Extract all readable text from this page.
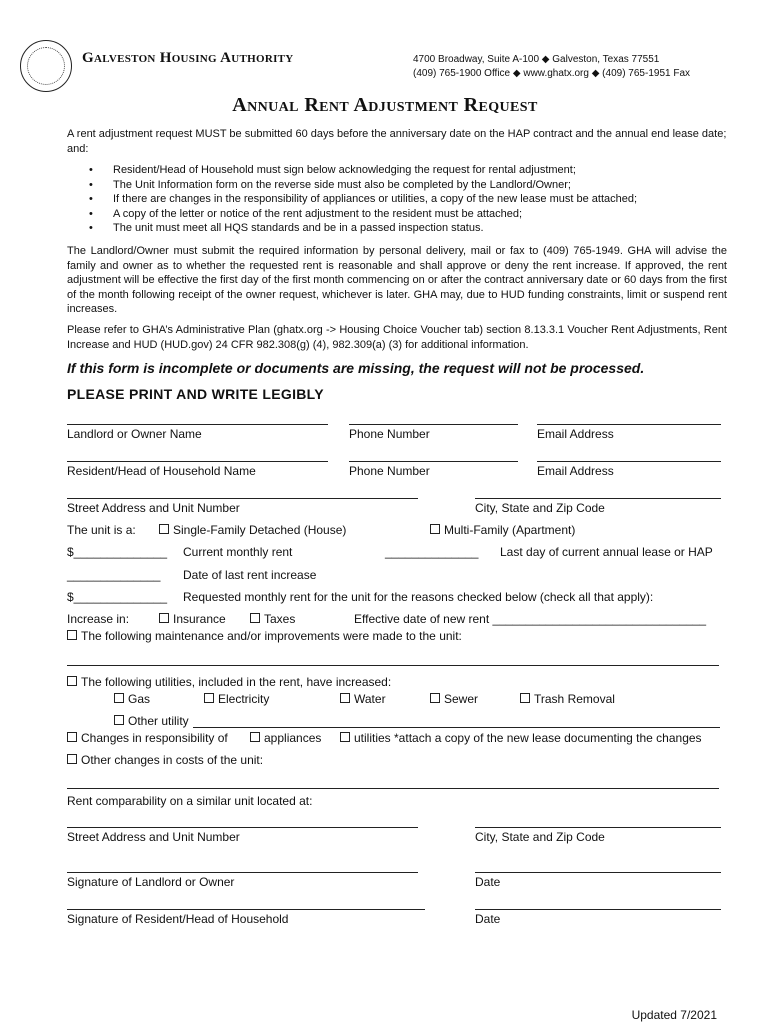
Galveston Housing Authority	4700 Broadway, Suite A-100 ◆ Galveston, Texas 77551
(409) 765-1900 Office ◆ www.ghatx.org ◆ (409) 765-1951 Fax
Annual Rent Adjustment Request
A rent adjustment request MUST be submitted 60 days before the anniversary date on the HAP contract and the annual end lease date; and:
• Resident/Head of Household must sign below acknowledging the request for rental adjustment;
• The Unit Information form on the reverse side must also be completed by the Landlord/Owner;
• If there are changes in the responsibility of appliances or utilities, a copy of the new lease must be attached;
• A copy of the letter or notice of the rent adjustment to the resident must be attached;
• The unit must meet all HQS standards and be in a passed inspection status.
The Landlord/Owner must submit the required information by personal delivery, mail or fax to (409) 765-1949. GHA will advise the family and owner as to whether the requested rent is reasonable and shall approve or deny the rent increase. If approved, the rent adjustment will be effective the first day of the first month commencing on or after the contract anniversary date or 60 days from the first of the month following receipt of the owner request, whichever is later. GHA may, due to HUD funding constraints, limit or suspend rent increases.
Please refer to GHA’s Administrative Plan (ghatx.org -> Housing Choice Voucher tab) section 8.13.3.1 Voucher Rent Adjustments, Rent Increase and HUD (HUD.gov) 24 CFR 982.308(g) (4), 982.309(a) (3) for additional information.
If this form is incomplete or documents are missing, the request will not be processed.
PLEASE PRINT AND WRITE LEGIBLY
Landlord or Owner Name	Phone Number	Email Address
Resident/Head of Household Name	Phone Number	Email Address
Street Address and Unit Number	City, State and Zip Code
The unit is a:	Single-Family Detached (House)	Multi-Family (Apartment)
$______________ Current monthly rent	______________ Last day of current annual lease or HAP
______________ Date of last rent increase
$______________ Requested monthly rent for the unit for the reasons checked below (check all that apply):
Increase in:	Insurance	Taxes	Effective date of new rent ________________________________
The following maintenance and/or improvements were made to the unit:
The following utilities, included in the rent, have increased:
Gas	Electricity	Water	Sewer	Trash Removal
Other utility
Changes in responsibility of	appliances	utilities *attach a copy of the new lease documenting the changes
Other changes in costs of the unit:
Rent comparability on a similar unit located at:
Street Address and Unit Number	City, State and Zip Code
Signature of Landlord or Owner	Date
Signature of Resident/Head of Household	Date
Updated 7/2021
